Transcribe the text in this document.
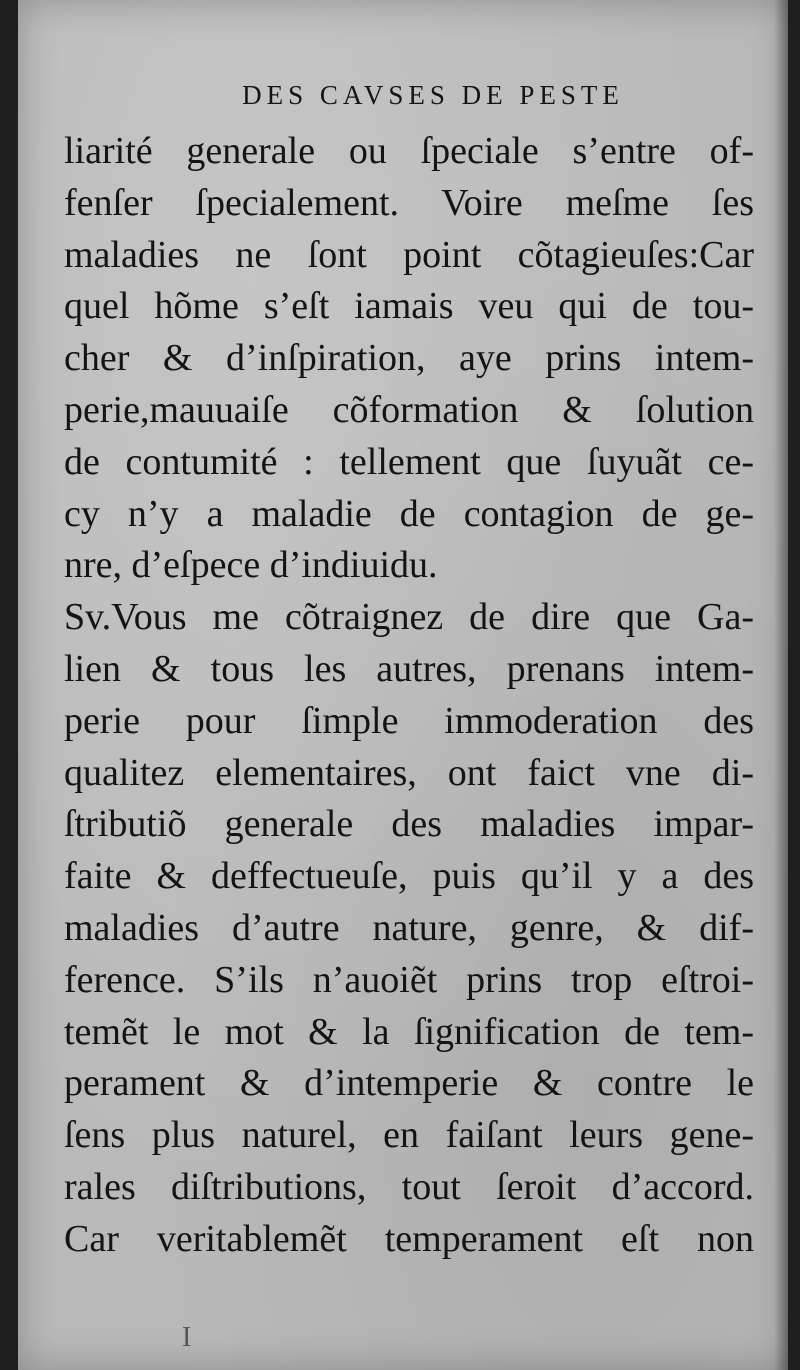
DES CAVSES DE PESTE
liarité generale ou ſpeciale s’entre of-
fenſer ſpecialement. Voire meſme ſes
maladies ne ſont point cõtagieuſes:Car
quel hõme s’eſt iamais veu qui de tou-
cher & d’inſpiration, aye prins intem-
perie,mauuaiſe cõformation & ſolution
de contumité : tellement que ſuyuãt ce-
cy n’y a maladie de contagion de ge-
nre, d’eſpece d’indiuidu.
Sv.Vous me cõtraignez de dire que Ga-
lien & tous les autres, prenans intem-
perie pour ſimple immoderation des
qualitez elementaires, ont faict vne di-
ſtributiõ generale des maladies impar-
faite & deffectueuſe, puis qu’il y a des
maladies d’autre nature, genre, & dif-
ference. S’ils n’auoiẽt prins trop eſtroi-
temẽt le mot & la ſignification de tem-
perament & d’intemperie & contre le
ſens plus naturel, en faiſant leurs gene-
rales diſtributions, tout ſeroit d’accord.
Car veritablemẽt temperament eſt non
I
